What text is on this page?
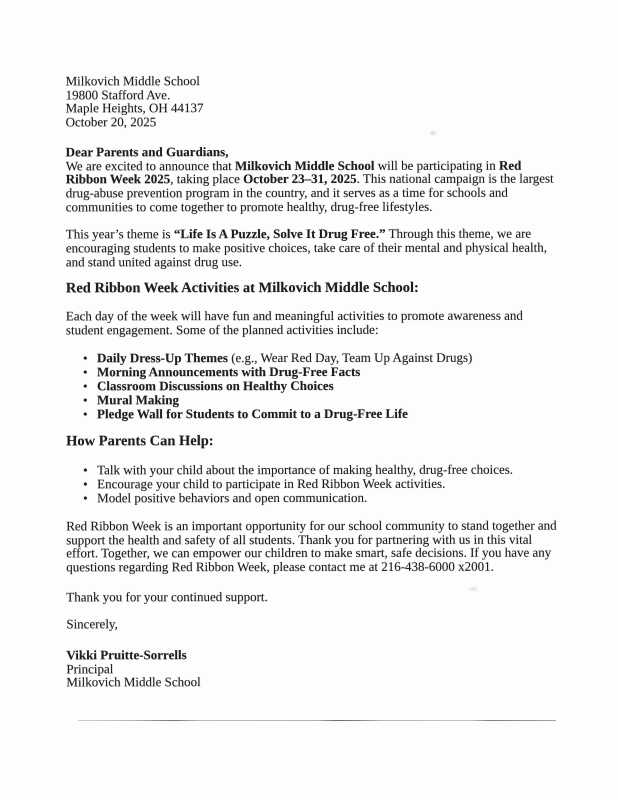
Milkovich Middle School
19800 Stafford Ave.
Maple Heights, OH 44137
October 20, 2025
Dear Parents and Guardians,

We are excited to announce that Milkovich Middle School will be participating in Red Ribbon Week 2025, taking place October 23–31, 2025. This national campaign is the largest drug-abuse prevention program in the country, and it serves as a time for schools and communities to come together to promote healthy, drug-free lifestyles.

This year’s theme is “Life Is A Puzzle, Solve It Drug Free.” Through this theme, we are encouraging students to make positive choices, take care of their mental and physical health, and stand united against drug use.

Red Ribbon Week Activities at Milkovich Middle School:

Each day of the week will have fun and meaningful activities to promote awareness and student engagement. Some of the planned activities include:

• Daily Dress-Up Themes (e.g., Wear Red Day, Team Up Against Drugs)
• Morning Announcements with Drug-Free Facts
• Classroom Discussions on Healthy Choices
• Mural Making
• Pledge Wall for Students to Commit to a Drug-Free Life
How Parents Can Help:
• Talk with your child about the importance of making healthy, drug-free choices.
• Encourage your child to participate in Red Ribbon Week activities.
• Model positive behaviors and open communication.

Red Ribbon Week is an important opportunity for our school community to stand together and support the health and safety of all students. Thank you for partnering with us in this vital effort. Together, we can empower our children to make smart, safe decisions. If you have any questions regarding Red Ribbon Week, please contact me at 216-438-6000 x2001.

Thank you for your continued support.

Sincerely,

Vikki Pruitte-Sorrells
Principal
Milkovich Middle School
